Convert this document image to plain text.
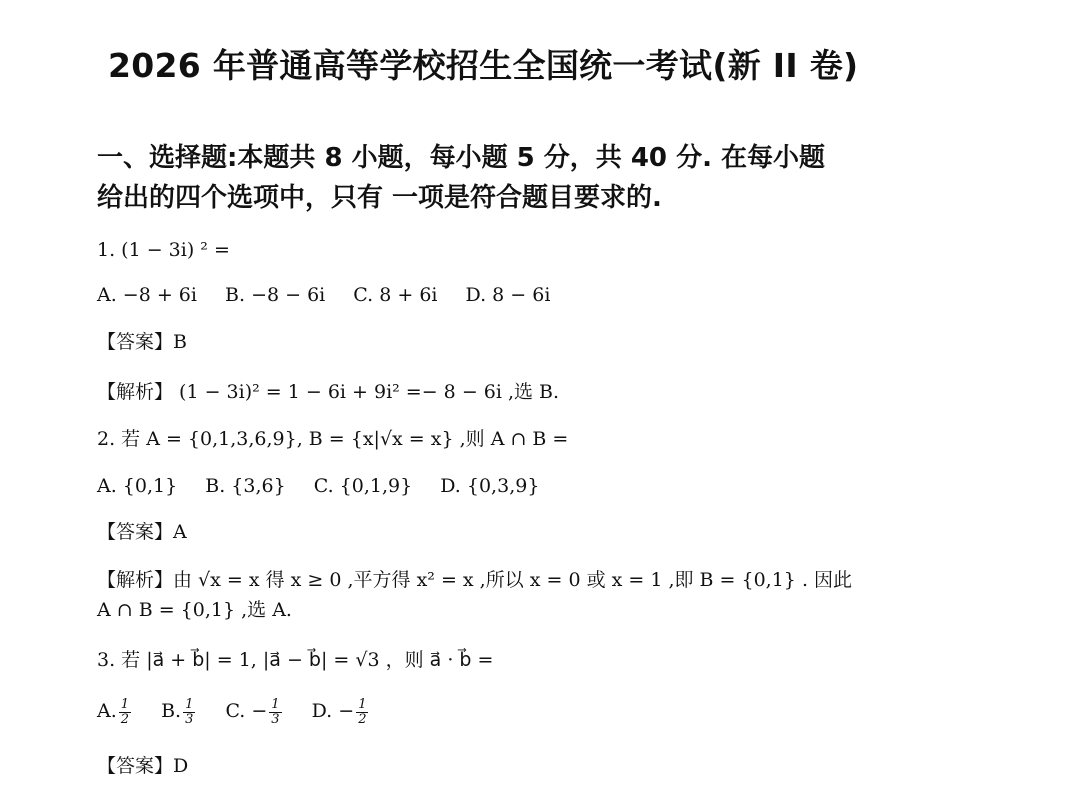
2026 年普通高等学校招生全国统一考试(新 II 卷)
一、选择题:本题共 8 小题，每小题 5 分，共 40 分. 在每小题
给出的四个选项中，只有 一项是符合题目要求的.
1. (1 − 3i) ² =
A. −8 + 6i B. −8 − 6i C. 8 + 6i D. 8 − 6i
【答案】B
【解析】 (1 − 3i)² = 1 − 6i + 9i² =− 8 − 6i ,选 B.
2. 若 A = {0,1,3,6,9}, B = {x|√x = x} ,则 A ∩ B =
A. {0,1} B. {3,6} C. {0,1,9} D. {0,3,9}
【答案】A
【解析】由 √x = x 得 x ≥ 0 ,平方得 x² = x ,所以 x = 0 或 x = 1 ,即 B = {0,1} . 因此
A ∩ B = {0,1} ,选 A.
3. 若 |a⃗ + b⃗| = 1, |a⃗ − b⃗| = √3 ，则 a⃗ · b⃗ =
A. $\frac{1}{2} B$. $\frac{1}{3} C$. − $\frac{1}{3} D$. − $\frac{1}{2}$
【答案】D
